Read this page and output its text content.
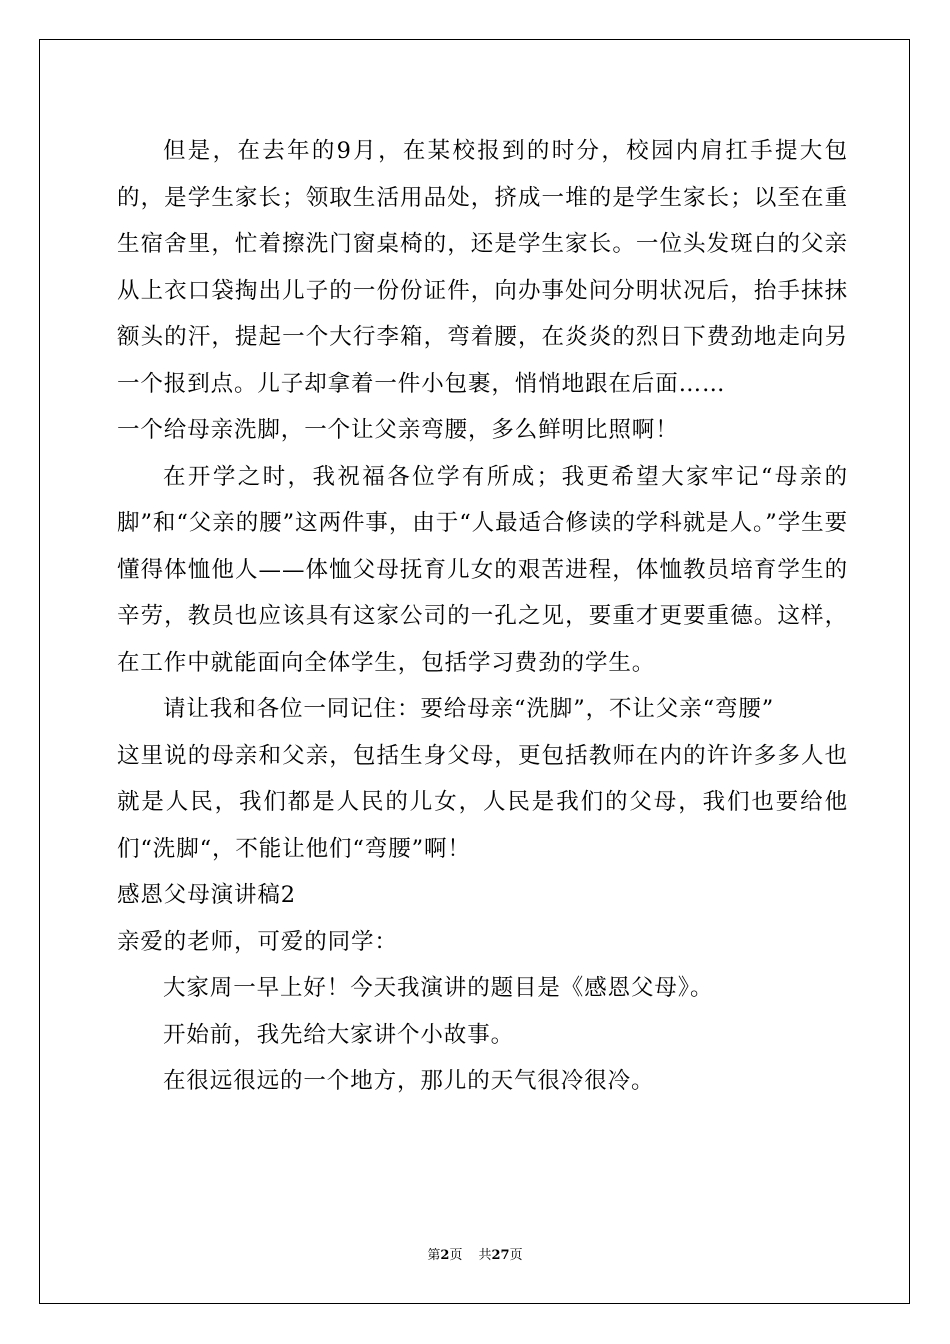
但是，在去年的9月，在某校报到的时分，校园内肩扛手提大包的，是学生家长；领取生活用品处，挤成一堆的是学生家长；以至在重生宿舍里，忙着擦洗门窗桌椅的，还是学生家长。一位头发斑白的父亲从上衣口袋掏出儿子的一份份证件，向办事处问分明状况后，抬手抹抹额头的汗，提起一个大行李箱，弯着腰，在炎炎的烈日下费劲地走向另一个报到点。儿子却拿着一件小包裹，悄悄地跟在后面……

一个给母亲洗脚，一个让父亲弯腰，多么鲜明比照啊！

在开学之时，我祝福各位学有所成；我更希望大家牢记“母亲的脚”和“父亲的腰”这两件事，由于“人最适合修读的学科就是人。”学生要懂得体恤他人——体恤父母抚育儿女的艰苦进程，体恤教员培育学生的辛劳，教员也应该具有这家公司的一孔之见，要重才更要重德。这样，在工作中就能面向全体学生，包括学习费劲的学生。

请让我和各位一同记住：要给母亲“洗脚”，不让父亲“弯腰”

这里说的母亲和父亲，包括生身父母，更包括教师在内的许许多多人也就是人民，我们都是人民的儿女，人民是我们的父母，我们也要给他们“洗脚“，不能让他们“弯腰”啊！

感恩父母演讲稿2

亲爱的老师，可爱的同学：

大家周一早上好！今天我演讲的题目是《感恩父母》。

开始前，我先给大家讲个小故事。

在很远很远的一个地方，那儿的天气很冷很冷。

第2页 共27页
